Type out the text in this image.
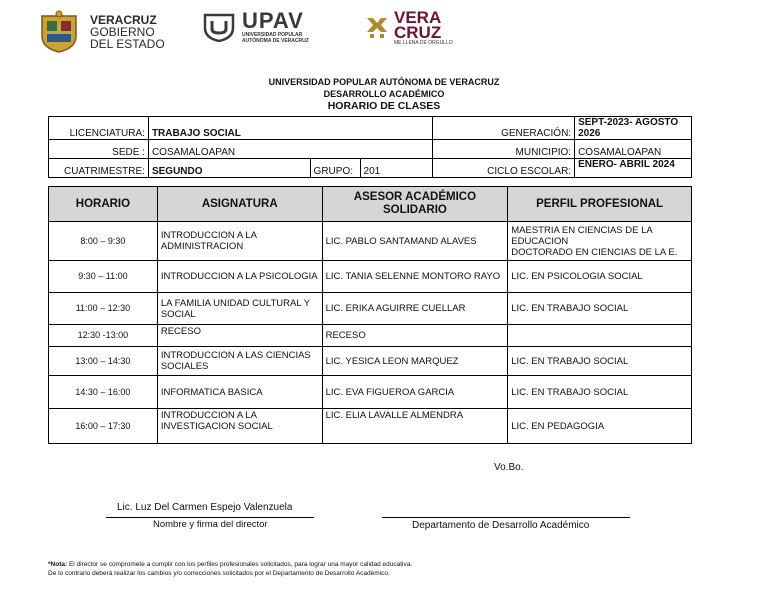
VERACRUZ
GOBIERNO
DEL ESTADO
UPAV
UNIVERSIDAD POPULAR
AUTÓNOMA DE VERACRUZ
VERA
CRUZ
ME LLENA DE ORGULLO
UNIVERSIDAD POPULAR AUTÓNOMA DE VERACRUZ
DESARROLLO ACADÉMICO
HORARIO DE CLASES
LICENCIATURA:	TRABAJO SOCIAL			GENERACIÓN:	SEPT-2023- AGOSTO 2026
SEDE :	COSAMALOAPAN			MUNICIPIO:	COSAMALOAPAN
CUATRIMESTRE:	SEGUNDO	GRUPO:	201	CICLO ESCOLAR:	ENERO- ABRIL 2024
HORARIO	ASIGNATURA	ASESOR ACADÉMICO SOLIDARIO	PERFIL PROFESIONAL
8:00 – 9:30	INTRODUCCION A LA ADMINISTRACION	LIC. PABLO SANTAMAND ALAVES	MAESTRIA EN CIENCIAS DE LA EDUCACION
DOCTORADO EN CIENCIAS DE LA E.
9:30 – 11:00	INTRODUCCION A LA PSICOLOGIA	LIC. TANIA SELENNE MONTORO RAYO	LIC. EN PSICOLOGIA SOCIAL
11:00 – 12:30	LA FAMILIA UNIDAD CULTURAL Y SOCIAL	LIC. ERIKA AGUIRRE CUELLAR	LIC. EN TRABAJO SOCIAL
12:30 -13:00	RECESO	RECESO	
13:00 – 14:30	INTRODUCCION A LAS CIENCIAS SOCIALES	LIC. YESICA LEON MARQUEZ	LIC. EN TRABAJO SOCIAL
14:30 – 16:00	INFORMATICA BASICA	LIC. EVA FIGUEROA GARCIA	LIC. EN TRABAJO SOCIAL
16:00 – 17:30	INTRODUCCION A LA INVESTIGACION SOCIAL	LIC. ELIA LAVALLE ALMENDRA	LIC. EN PEDAGOGIA
Vo.Bo.
Lic. Luz Del Carmen Espejo Valenzuela
Nombre y firma del director	Departamento de Desarrollo Académico
*Nota: El director se compromete a cumplir con los perfiles profesionales solicitados, para lograr una mayor calidad educativa.
De lo contrario deberá realizar los cambios y/o correcciones solicitados por el Departamento de Desarrollo Académico.
